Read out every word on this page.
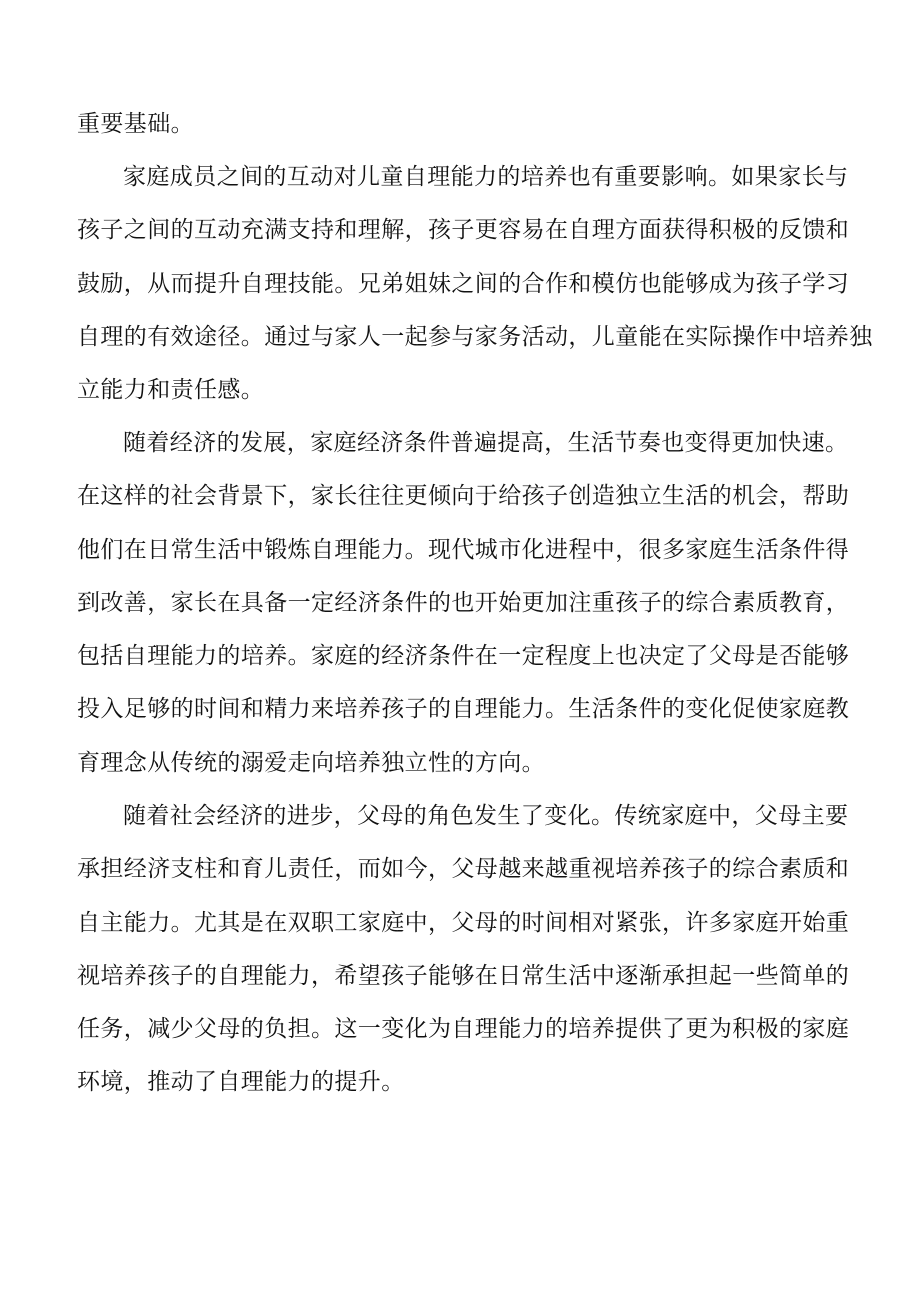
重要基础。
家庭成员之间的互动对儿童自理能力的培养也有重要影响。如果家长与
孩子之间的互动充满支持和理解，孩子更容易在自理方面获得积极的反馈和
鼓励，从而提升自理技能。兄弟姐妹之间的合作和模仿也能够成为孩子学习
自理的有效途径。通过与家人一起参与家务活动，儿童能在实际操作中培养独
立能力和责任感。
随着经济的发展，家庭经济条件普遍提高，生活节奏也变得更加快速。
在这样的社会背景下，家长往往更倾向于给孩子创造独立生活的机会，帮助
他们在日常生活中锻炼自理能力。现代城市化进程中，很多家庭生活条件得
到改善，家长在具备一定经济条件的也开始更加注重孩子的综合素质教育，
包括自理能力的培养。家庭的经济条件在一定程度上也决定了父母是否能够
投入足够的时间和精力来培养孩子的自理能力。生活条件的变化促使家庭教
育理念从传统的溺爱走向培养独立性的方向。
随着社会经济的进步，父母的角色发生了变化。传统家庭中，父母主要
承担经济支柱和育儿责任，而如今，父母越来越重视培养孩子的综合素质和
自主能力。尤其是在双职工家庭中，父母的时间相对紧张，许多家庭开始重
视培养孩子的自理能力，希望孩子能够在日常生活中逐渐承担起一些简单的
任务，减少父母的负担。这一变化为自理能力的培养提供了更为积极的家庭
环境，推动了自理能力的提升。
